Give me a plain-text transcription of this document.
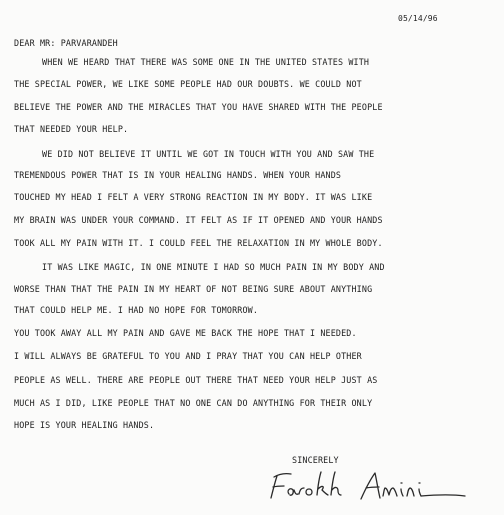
05/14/96
DEAR MR: PARVARANDEH
WHEN WE HEARD THAT THERE WAS SOME ONE IN THE UNITED STATES WITH
THE SPECIAL POWER, WE LIKE SOME PEOPLE HAD OUR DOUBTS. WE COULD NOT
BELIEVE THE POWER AND THE MIRACLES THAT YOU HAVE SHARED WITH THE PEOPLE
THAT NEEDED YOUR HELP.
WE DID NOT BELIEVE IT UNTIL WE GOT IN TOUCH WITH YOU AND SAW THE
TREMENDOUS POWER THAT IS IN YOUR HEALING HANDS. WHEN YOUR HANDS
TOUCHED MY HEAD I FELT A VERY STRONG REACTION IN MY BODY. IT WAS LIKE
MY BRAIN WAS UNDER YOUR COMMAND. IT FELT AS IF IT OPENED AND YOUR HANDS
TOOK ALL MY PAIN WITH IT. I COULD FEEL THE RELAXATION IN MY WHOLE BODY.
IT WAS LIKE MAGIC, IN ONE MINUTE I HAD SO MUCH PAIN IN MY BODY AND
WORSE THAN THAT THE PAIN IN MY HEART OF NOT BEING SURE ABOUT ANYTHING
THAT COULD HELP ME. I HAD NO HOPE FOR TOMORROW.
YOU TOOK AWAY ALL MY PAIN AND GAVE ME BACK THE HOPE THAT I NEEDED.
I WILL ALWAYS BE GRATEFUL TO YOU AND I PRAY THAT YOU CAN HELP OTHER
PEOPLE AS WELL. THERE ARE PEOPLE OUT THERE THAT NEED YOUR HELP JUST AS
MUCH AS I DID, LIKE PEOPLE THAT NO ONE CAN DO ANYTHING FOR THEIR ONLY
HOPE IS YOUR HEALING HANDS.
SINCERELY
